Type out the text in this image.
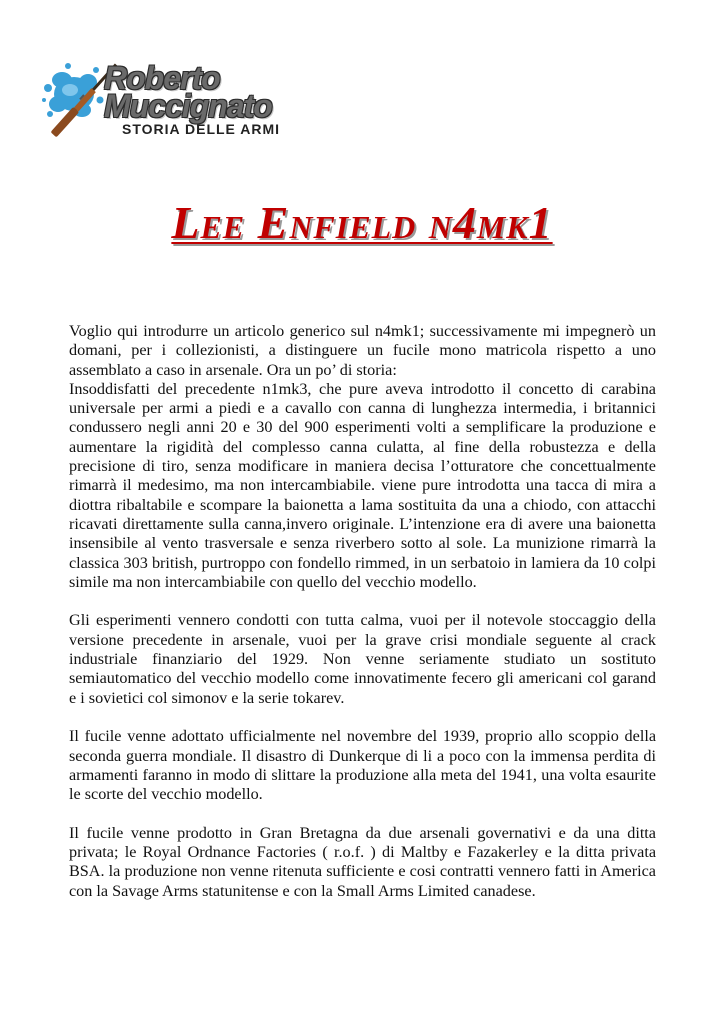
Roberto
Muccignato
STORIA DELLE ARMI
Lee Enfield n4mk1

Voglio qui introdurre un articolo generico sul n4mk1; successivamente mi impegnerò un domani, per i collezionisti, a distinguere un fucile mono matricola rispetto a uno assemblato a caso in arsenale. Ora un po’ di storia:

Insoddisfatti del precedente n1mk3, che pure aveva introdotto il concetto di carabina universale per armi a piedi e a cavallo con canna di lunghezza intermedia, i britannici condussero negli anni 20 e 30 del 900 esperimenti volti a semplificare la produzione e aumentare la rigidità del complesso canna culatta, al fine della robustezza e della precisione di tiro, senza modificare in maniera decisa l’otturatore che concettualmente rimarrà il medesimo, ma non intercambiabile. viene pure introdotta una tacca di mira a diottra ribaltabile e scompare la baionetta a lama sostituita da una a chiodo, con attacchi ricavati direttamente sulla canna,invero originale. L’intenzione era di avere una baionetta insensibile al vento trasversale e senza riverbero sotto al sole. La munizione rimarrà la classica 303 british, purtroppo con fondello rimmed, in un serbatoio in lamiera da 10 colpi simile ma non intercambiabile con quello del vecchio modello.

Gli esperimenti vennero condotti con tutta calma, vuoi per il notevole stoccaggio della versione precedente in arsenale, vuoi per la grave crisi mondiale seguente al crack industriale finanziario del 1929. Non venne seriamente studiato un sostituto semiautomatico del vecchio modello come innovatimente fecero gli americani col garand e i sovietici col simonov e la serie tokarev.

Il fucile venne adottato ufficialmente nel novembre del 1939, proprio allo scoppio della seconda guerra mondiale. Il disastro di Dunkerque di li a poco con la immensa perdita di armamenti faranno in modo di slittare la produzione alla meta del 1941, una volta esaurite le scorte del vecchio modello.

Il fucile venne prodotto in Gran Bretagna da due arsenali governativi e da una ditta privata; le Royal Ordnance Factories ( r.o.f. ) di Maltby e Fazakerley e la ditta privata BSA. la produzione non venne ritenuta sufficiente e cosi contratti vennero fatti in America con la Savage Arms statunitense e con la Small Arms Limited canadese.
